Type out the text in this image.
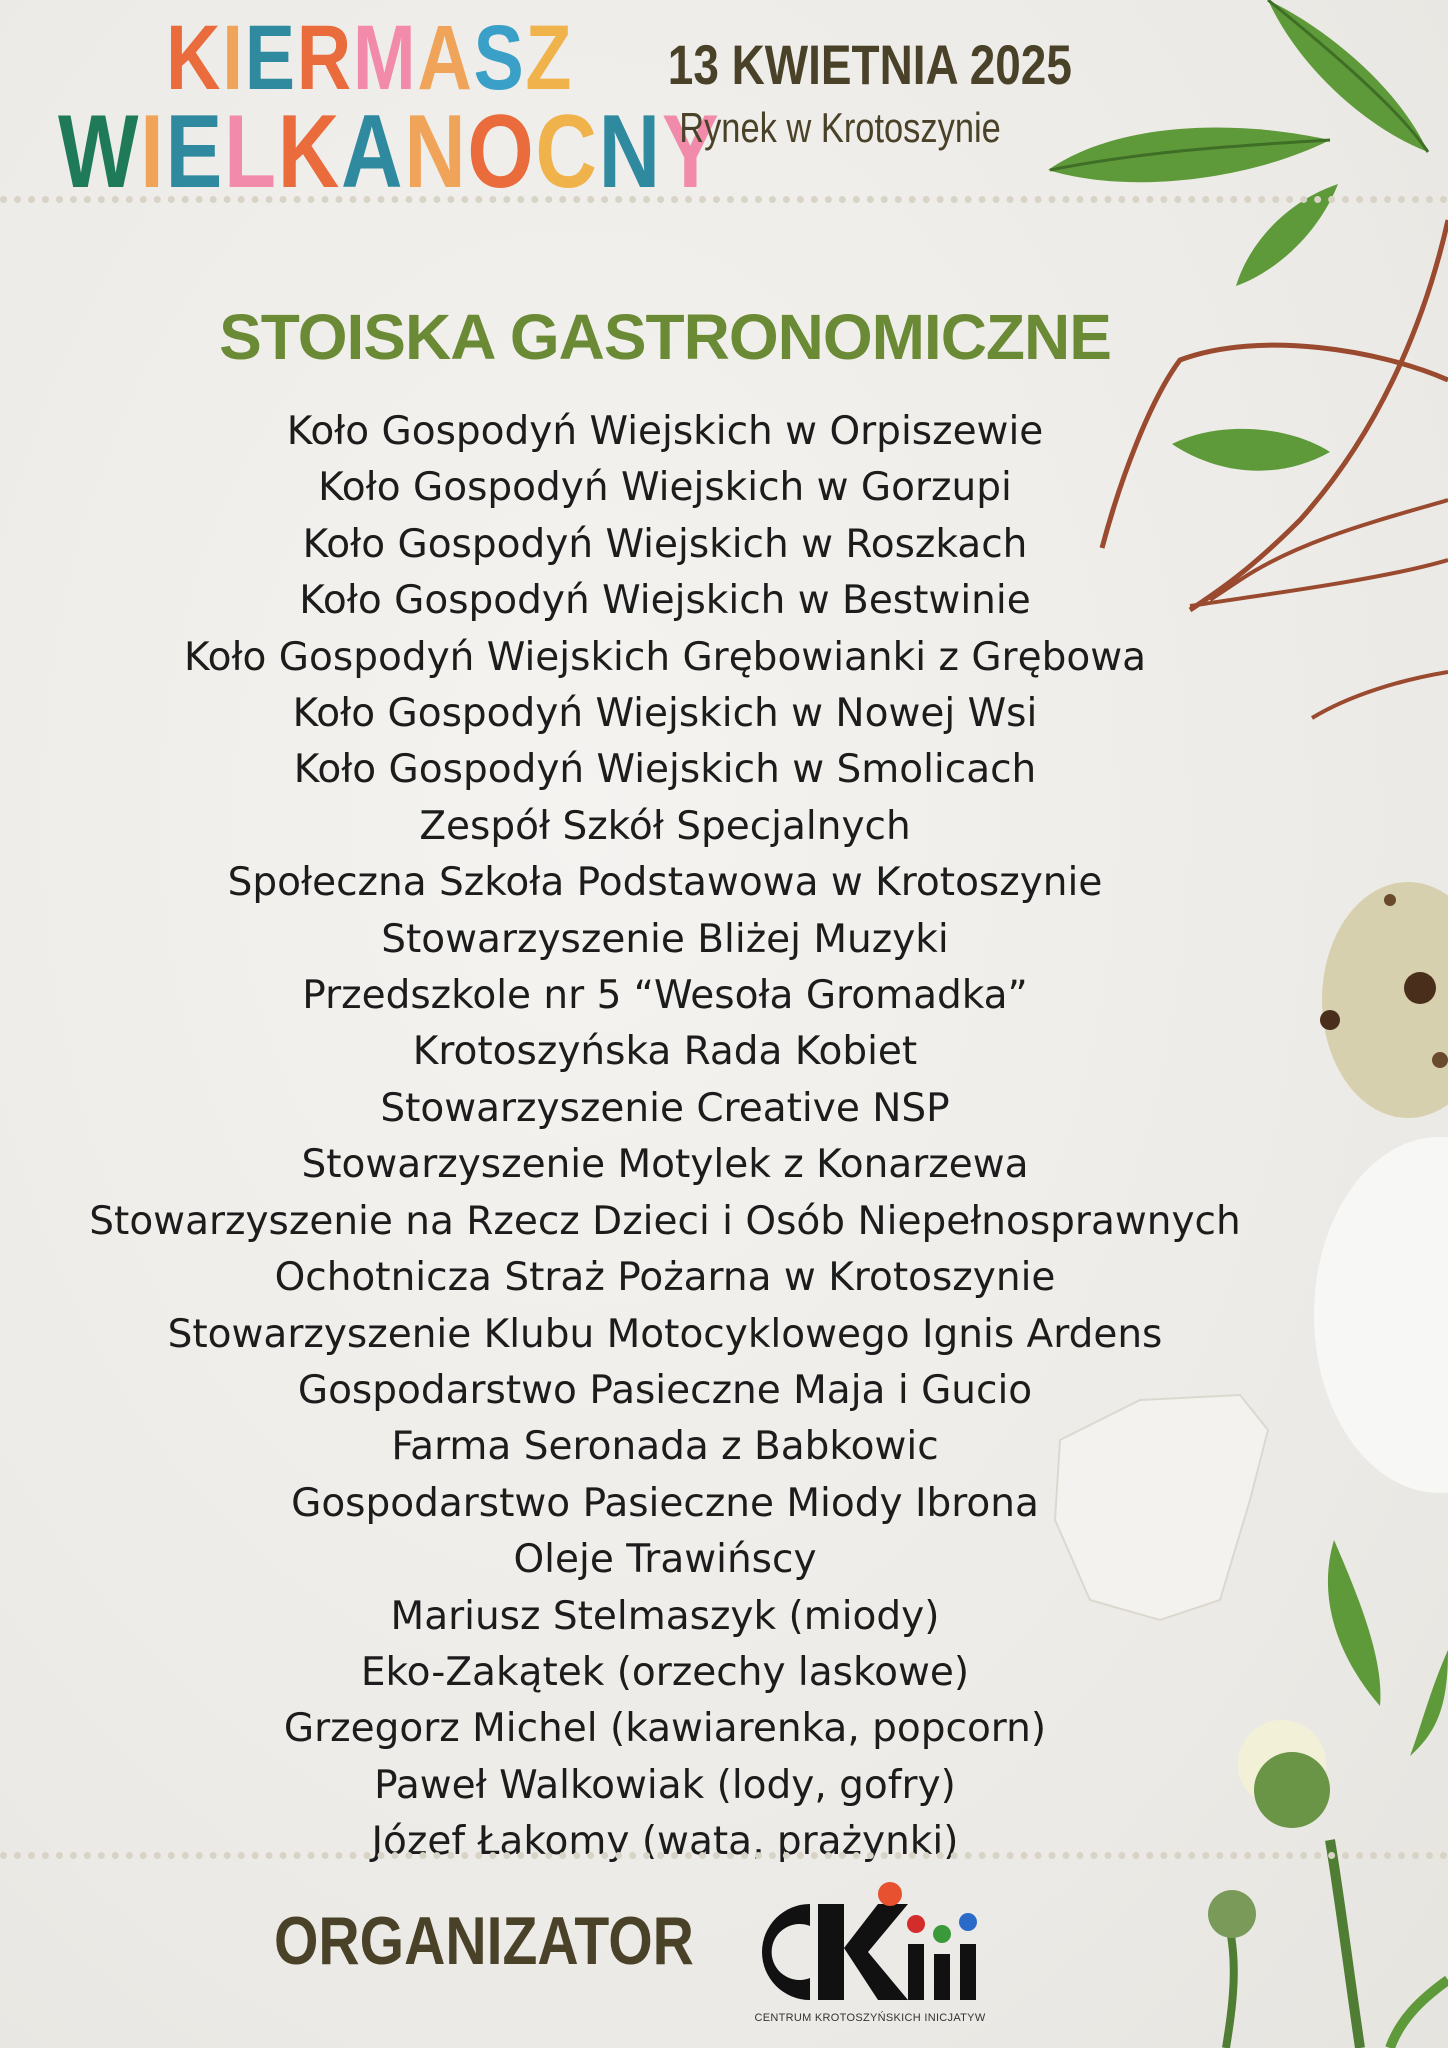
KIERMASZ
WIELKANOCNY
13 KWIETNIA 2025
Rynek w Krotoszynie
STOISKA GASTRONOMICZNE
Koło Gospodyń Wiejskich w Orpiszewie
Koło Gospodyń Wiejskich w Gorzupi
Koło Gospodyń Wiejskich w Roszkach
Koło Gospodyń Wiejskich w Bestwinie
Koło Gospodyń Wiejskich Grębowianki z Grębowa
Koło Gospodyń Wiejskich w Nowej Wsi
Koło Gospodyń Wiejskich w Smolicach
Zespół Szkół Specjalnych
Społeczna Szkoła Podstawowa w Krotoszynie
Stowarzyszenie Bliżej Muzyki
Przedszkole nr 5 “Wesoła Gromadka”
Krotoszyńska Rada Kobiet
Stowarzyszenie Creative NSP
Stowarzyszenie Motylek z Konarzewa
Stowarzyszenie na Rzecz Dzieci i Osób Niepełnosprawnych
Ochotnicza Straż Pożarna w Krotoszynie
Stowarzyszenie Klubu Motocyklowego Ignis Ardens
Gospodarstwo Pasieczne Maja i Gucio
Farma Seronada z Babkowic
Gospodarstwo Pasieczne Miody Ibrona
Oleje Trawińscy
Mariusz Stelmaszyk (miody)
Eko-Zakątek (orzechy laskowe)
Grzegorz Michel (kawiarenka, popcorn)
Paweł Walkowiak (lody, gofry)
Józef Łakomy (wata, prażynki)
ORGANIZATOR
CENTRUM KROTOSZYŃSKICH INICJATYW
